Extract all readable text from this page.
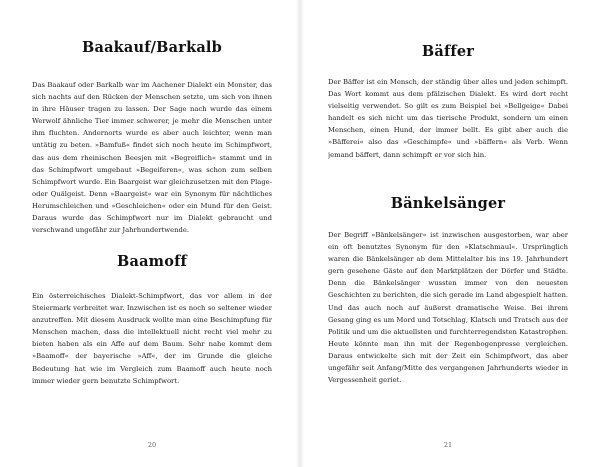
Baakauf/Barkalb

Das Baakauf oder Barkalb war im Aachener Dialekt ein Monster, das sich nachts auf den Rücken der Menschen setzte, um sich von ihnen in ihre Häuser tragen zu lassen. Der Sage nach wurde das einem Werwolf ähnliche Tier immer schwerer, je mehr die Menschen unter ihm fluchten. Andernorts wurde es aber auch leichter, wenn man untätig zu beten. »Bamfuß« findet sich noch heute im Schimpfwort, das aus dem rheinischen Beesjen mit »Begreiflich« stammt und in das Schimpfwort umgebaut »Begeiferen«, was schon zum selben Schimpfwort wurde. Ein Baargeist war gleichzusetzen mit den Plage- oder Quälgeist. Denn »Baargeist« war ein Synonym für nächtliches Herumschleichen und »Geschleichen« oder ein Mund für den Geist. Daraus wurde das Schimpfwort nur im Dialekt gebraucht und verschwand ungefähr zur Jahrhundertwende.

Baamoff

Ein österreichisches Dialekt-Schimpfwort, das vor allem in der Steiermark verbreitet war. Inzwischen ist es noch so seltener wieder anzutreffen. Mit diesem Ausdruck wollte man eine Beschimpfung für Menschen machen, dass die intellektuell nicht recht viel mehr zu bieten haben als ein Affe auf dem Baum. Sehr nahe kommt dem »Baamoff« der bayerische »Aff«, der im Grunde die gleiche Bedeutung hat wie im Vergleich zum Baamoff auch heute noch immer wieder gern benutzte Schimpfwort.

20
Bäffer

Der Bäffer ist ein Mensch, der ständig über alles und jeden schimpft. Das Wort kommt aus dem pfälzischen Dialekt. Es wird dort recht vielseitig verwendet. So gilt es zum Beispiel bei »Bellgeige« Dabei handelt es sich nicht um das tierische Produkt, sondern um einen Menschen, einen Hund, der immer bellt. Es gibt aber auch die »Bäfferei« also das »Geschimpfe« und »bäffern« als Verb. Wenn jemand bäffert, dann schimpft er vor sich hin.

Bänkelsänger

Der Begriff »Bänkelsänger« ist inzwischen ausgestorben, war aber ein oft benutztes Synonym für den »Klatschmaul«. Ursprünglich waren die Bänkelsänger ab dem Mittelalter bis ins 19. Jahrhundert gern gesehene Gäste auf den Marktplätzen der Dörfer und Städte. Denn die Bänkelsänger wussten immer von den neuesten Geschichten zu berichten, die sich gerade im Land abgespielt hatten. Und das auch noch auf äußerst dramatische Weise. Bei ihrem Gesang ging es um Mord und Totschlag, Klatsch und Tratsch aus der Politik und um die aktuellsten und furchterregendsten Katastrophen. Heute könnte man ihn mit der Regenbogenpresse vergleichen. Daraus entwickelte sich mit der Zeit ein Schimpfwort, das aber ungefähr seit Anfang/Mitte des vergangenen Jahrhunderts wieder in Vergessenheit geriet.

21
